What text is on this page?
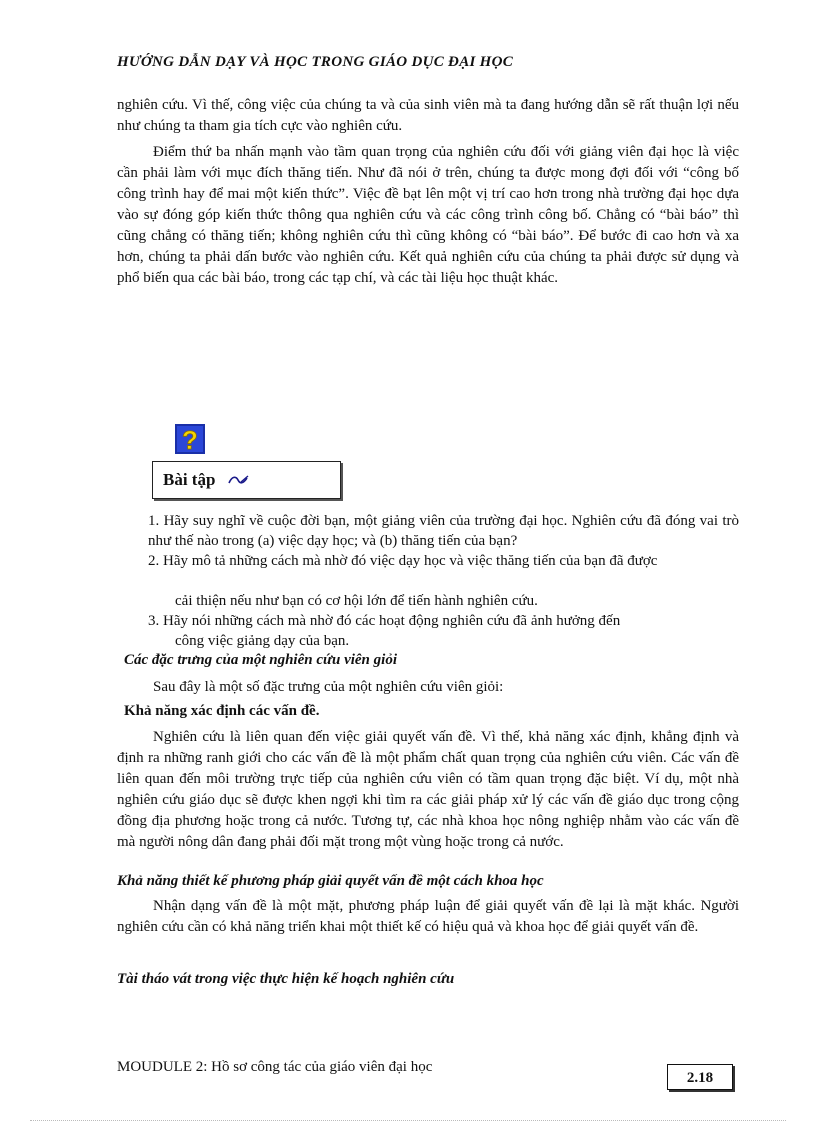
HƯỚNG DẪN DẠY VÀ HỌC TRONG GIÁO DỤC ĐẠI HỌC
nghiên cứu. Vì thế, công việc của chúng ta và của sinh viên mà ta đang hướng dẫn sẽ rất thuận lợi nếu như chúng ta tham gia tích cực vào nghiên cứu.
Điểm thứ ba nhấn mạnh vào tầm quan trọng của nghiên cứu đối với giảng viên đại học là việc cần phải làm với mục đích thăng tiến. Như đã nói ở trên, chúng ta được mong đợi đối với “công bố công trình hay để mai một kiến thức”. Việc đề bạt lên một vị trí cao hơn trong nhà trường đại học dựa vào sự đóng góp kiến thức thông qua nghiên cứu và các công trình công bố. Chẳng có “bài báo” thì cũng chẳng có thăng tiến; không nghiên cứu thì cũng không có “bài báo”. Để bước đi cao hơn và xa hơn, chúng ta phải dấn bước vào nghiên cứu. Kết quả nghiên cứu của chúng ta phải được sử dụng và phổ biến qua các bài báo, trong các tạp chí, và các tài liệu học thuật khác.
?
Bài tập
1. Hãy suy nghĩ về cuộc đời bạn, một giảng viên của trường đại học. Nghiên cứu đã đóng vai trò như thế nào trong (a) việc dạy học; và (b) thăng tiến của bạn?
2. Hãy mô tả những cách mà nhờ đó việc dạy học và việc thăng tiến của bạn đã được
cải thiện nếu như bạn có cơ hội lớn để tiến hành nghiên cứu.
3. Hãy nói những cách mà nhờ đó các hoạt động nghiên cứu đã ảnh hưởng đến
công việc giảng dạy của bạn.
Các đặc trưng của một nghiên cứu viên giỏi
Sau đây là một số đặc trưng của một nghiên cứu viên giỏi:
Khả năng xác định các vấn đề.
Nghiên cứu là liên quan đến việc giải quyết vấn đề. Vì thế, khả năng xác định, khẳng định và định ra những ranh giới cho các vấn đề là một phẩm chất quan trọng của nghiên cứu viên. Các vấn đề liên quan đến môi trường trực tiếp của nghiên cứu viên có tầm quan trọng đặc biệt. Ví dụ, một nhà nghiên cứu giáo dục sẽ được khen ngợi khi tìm ra các giải pháp xử lý các vấn đề giáo dục trong cộng đồng địa phương hoặc trong cả nước. Tương tự, các nhà khoa học nông nghiệp nhằm vào các vấn đề mà người nông dân đang phải đối mặt trong một vùng hoặc trong cả nước.
Khả năng thiết kế phương pháp giải quyết vấn đề một cách khoa học
Nhận dạng vấn đề là một mặt, phương pháp luận để giải quyết vấn đề lại là mặt khác. Người nghiên cứu cần có khả năng triển khai một thiết kế có hiệu quả và khoa học để giải quyết vấn đề.
Tài tháo vát trong việc thực hiện kế hoạch nghiên cứu
MOUDULE 2: Hồ sơ công tác của giáo viên đại học
2.18
